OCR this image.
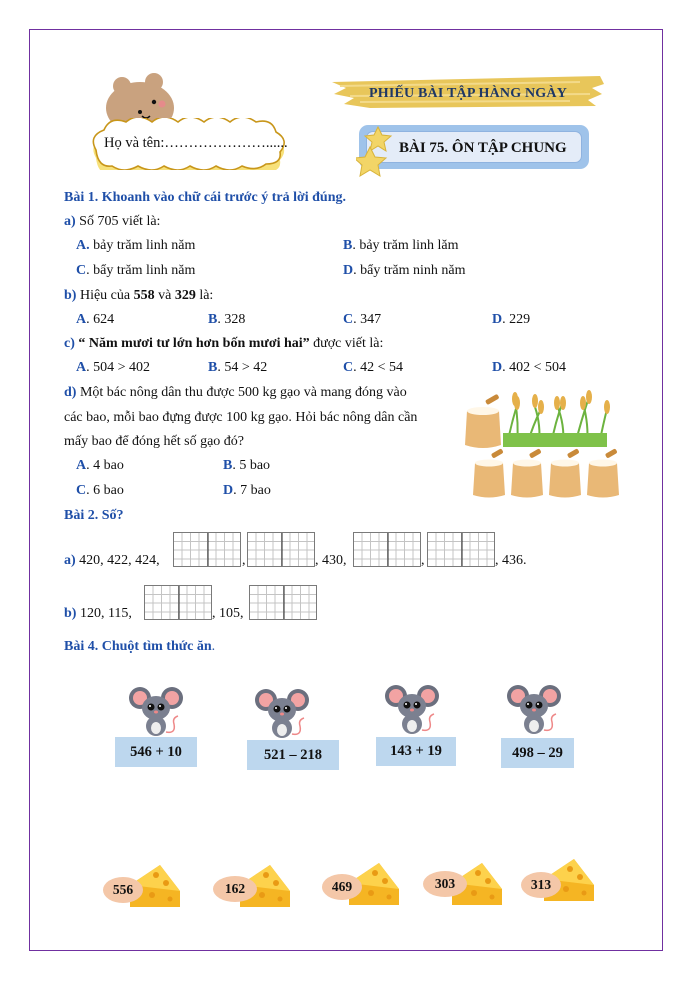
Họ và tên:…………………......
PHIẾU BÀI TẬP HÀNG NGÀY
BÀI 75. ÔN TẬP CHUNG
Bài 1. Khoanh vào chữ cái trước ý trả lời đúng.
a) Số 705 viết là:
A. bảy trăm linh năm	B. bảy trăm linh lăm
C. bẩy trăm linh năm	D. bẩy trăm ninh năm
b) Hiệu của 558 và 329 là:
A. 624	B. 328	C. 347	D. 229
c) “ Năm mươi tư lớn hơn bốn mươi hai” được viết là:
A. 504 > 402	B. 54 > 42	C. 42 < 54	D. 402 < 504
d) Một bác nông dân thu được 500 kg gạo và mang đóng vào
các bao, mỗi bao đựng được 100 kg gạo. Hỏi bác nông dân cần
mấy bao để đóng hết số gạo đó?
A. 4 bao	B. 5 bao
C. 6 bao	D. 7 bao
Bài 2. Số?
a) 420, 422, 424,	,	, 430,	,	, 436.
b) 120, 115,	, 105,
Bài 4. Chuột tìm thức ăn.
546 + 10	521 – 218	143 + 19	498 – 29
556	162	469	303	313
